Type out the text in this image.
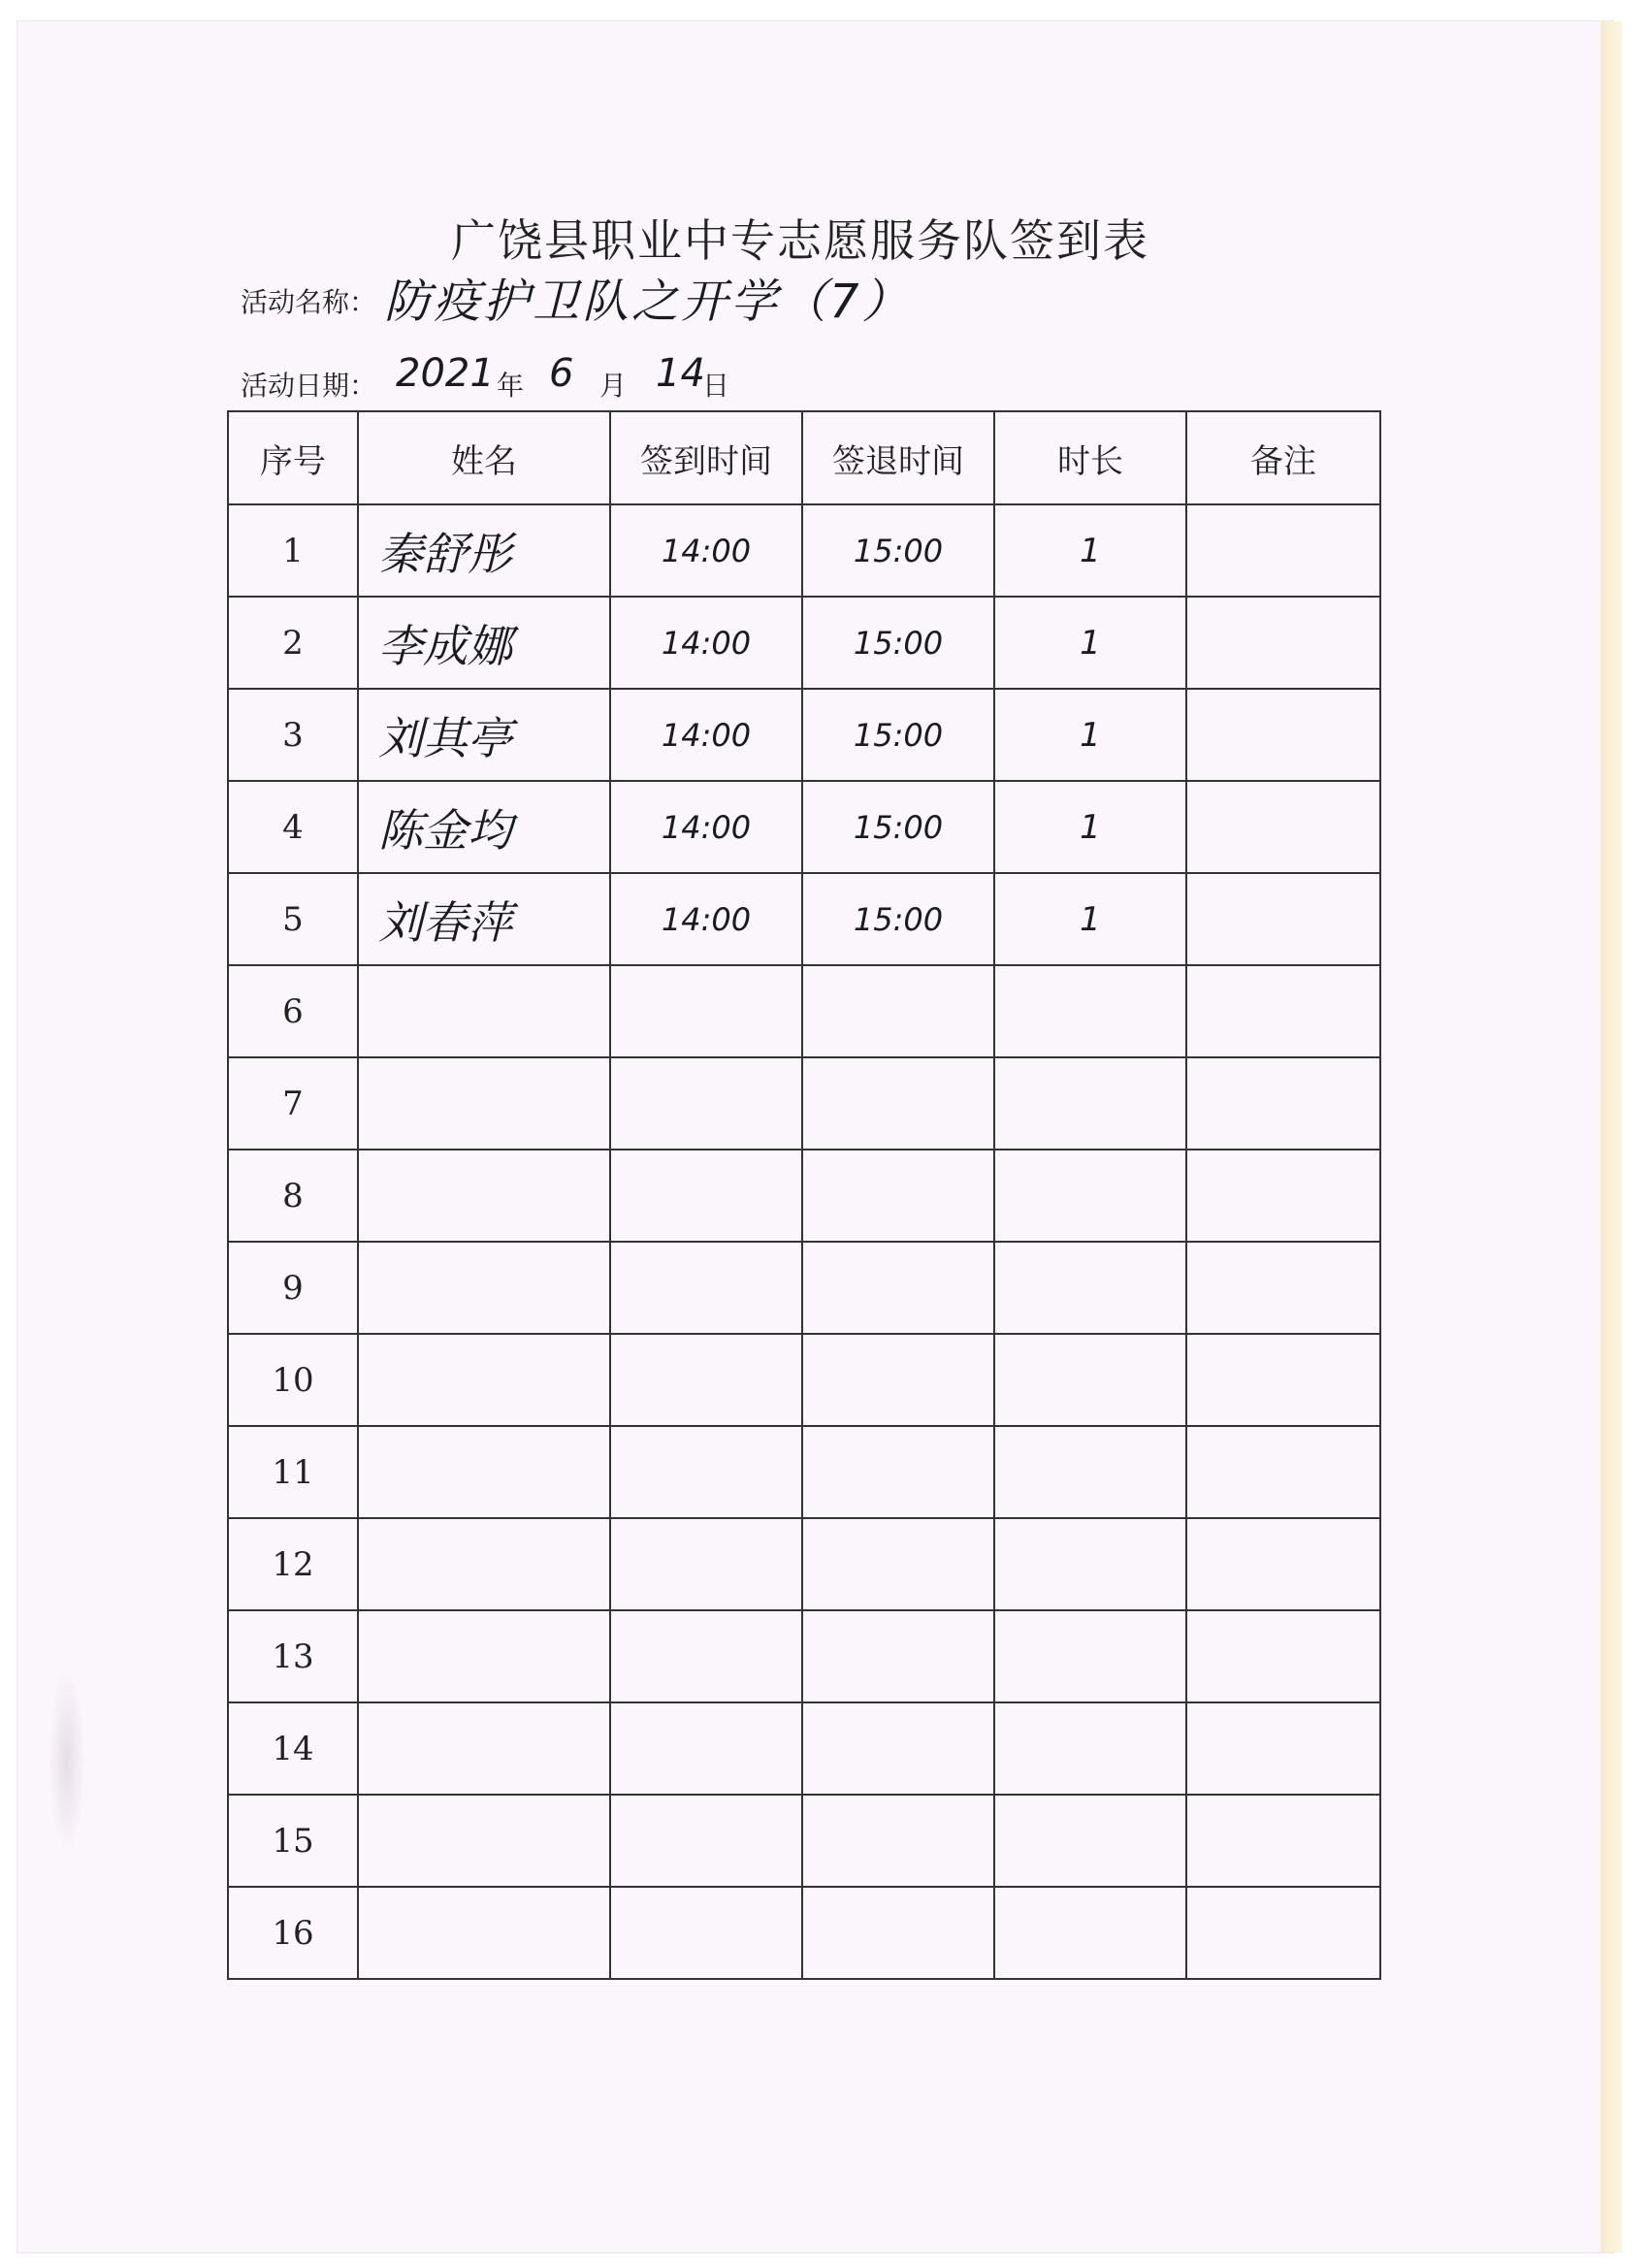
广饶县职业中专志愿服务队签到表
活动名称： 防疫护卫队之开学（7）
活动日期： 2021 年 6 月 14
日
序号	姓名	签到时间	签退时间	时长	备注
1	秦舒彤	14:00	15:00	1	
2	李成娜	14:00	15:00	1	
3	刘其亭	14:00	15:00	1	
4	陈金均	14:00	15:00	1	
5	刘春萍	14:00	15:00	1	
6					
7					
8					
9					
10					
11					
12					
13					
14					
15					
16					
